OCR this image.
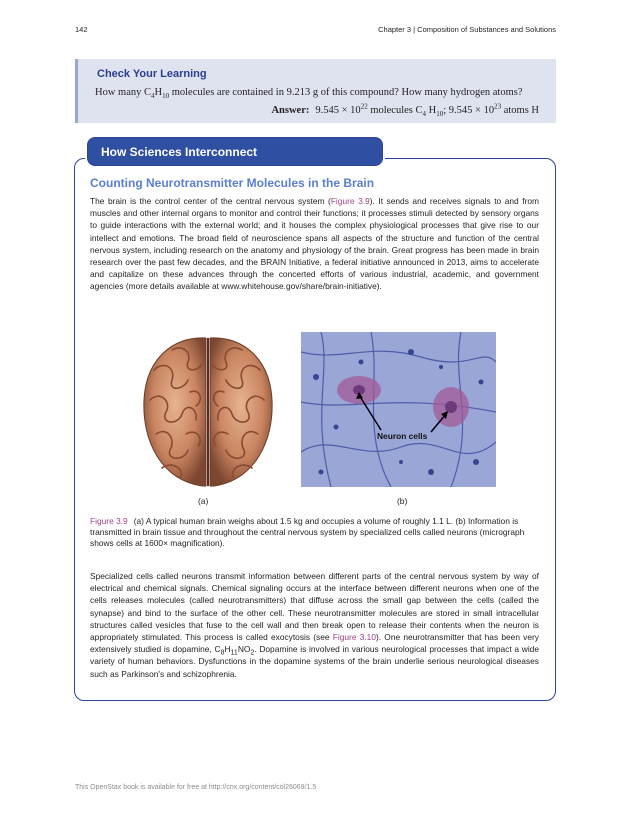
142	Chapter 3 | Composition of Substances and Solutions
Check Your Learning
How many $C_4H_{10}$ molecules are contained in 9.213 g of this compound? How many hydrogen atoms?
Answer: $9.545 \times 10^{22}$ molecules $C_4$ $H_{10}$; $9.545 \times 10^{23}$ atoms H
How Sciences Interconnect
Counting Neurotransmitter Molecules in the Brain
The brain is the control center of the central nervous system (Figure 3.9). It sends and receives signals to and from muscles and other internal organs to monitor and control their functions; it processes stimuli detected by sensory organs to guide interactions with the external world; and it houses the complex physiological processes that give rise to our intellect and emotions. The broad field of neuroscience spans all aspects of the structure and function of the central nervous system, including research on the anatomy and physiology of the brain. Great progress has been made in brain research over the past few decades, and the BRAIN Initiative, a federal initiative announced in 2013, aims to accelerate and capitalize on these advances through the concerted efforts of various industrial, academic, and government agencies (more details available at www.whitehouse.gov/share/brain-initiative).
Neuron cells
(a)	(b)
Figure 3.9 (a) A typical human brain weighs about 1.5 kg and occupies a volume of roughly 1.1 L. (b) Information is transmitted in brain tissue and throughout the central nervous system by specialized cells called neurons (micrograph shows cells at 1600× magnification).
Specialized cells called neurons transmit information between different parts of the central nervous system by way of electrical and chemical signals. Chemical signaling occurs at the interface between different neurons when one of the cells releases molecules (called neurotransmitters) that diffuse across the small gap between the cells (called the synapse) and bind to the surface of the other cell. These neurotransmitter molecules are stored in small intracellular structures called vesicles that fuse to the cell wall and then break open to release their contents when the neuron is appropriately stimulated. This process is called exocytosis (see Figure 3.10). One neurotransmitter that has been very extensively studied is dopamine, $C_8H_{11}NO_2$. Dopamine is involved in various neurological processes that impact a wide variety of human behaviors. Dysfunctions in the dopamine systems of the brain underlie serious neurological diseases such as Parkinson's and schizophrenia.
This OpenStax book is available for free at http://cnx.org/content/col26069/1.5
